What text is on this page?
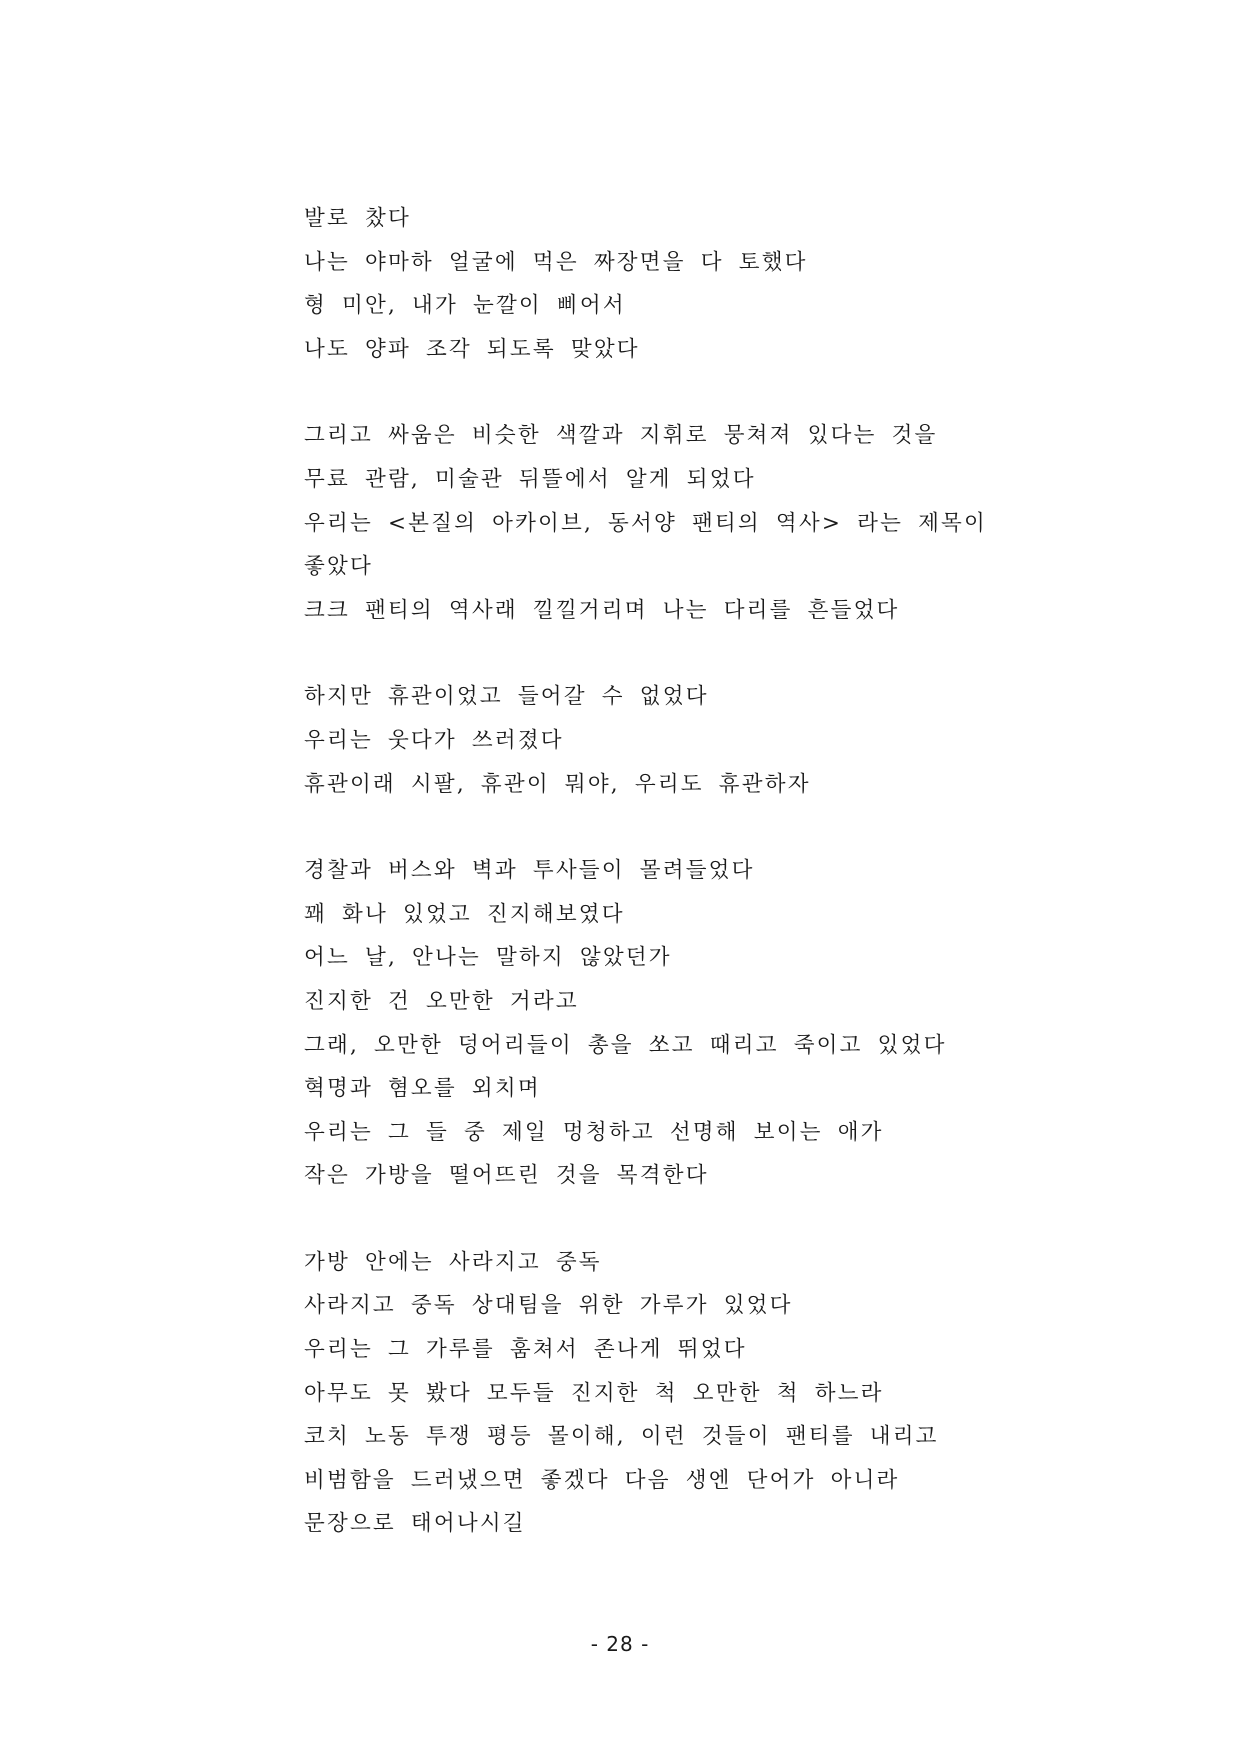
발로 찼다
나는 야마하 얼굴에 먹은 짜장면을 다 토했다
형 미안, 내가 눈깔이 삐어서
나도 양파 조각 되도록 맞았다
그리고 싸움은 비슷한 색깔과 지휘로 뭉쳐져 있다는 것을
무료 관람, 미술관 뒤뜰에서 알게 되었다
우리는 <본질의 아카이브, 동서양 팬티의 역사> 라는 제목이
좋았다
크크 팬티의 역사래 낄낄거리며 나는 다리를 흔들었다
하지만 휴관이었고 들어갈 수 없었다
우리는 웃다가 쓰러졌다
휴관이래 시팔, 휴관이 뭐야, 우리도 휴관하자
경찰과 버스와 벽과 투사들이 몰려들었다
꽤 화나 있었고 진지해보였다
어느 날, 안나는 말하지 않았던가
진지한 건 오만한 거라고
그래, 오만한 덩어리들이 총을 쏘고 때리고 죽이고 있었다
혁명과 혐오를 외치며
우리는 그 들 중 제일 멍청하고 선명해 보이는 애가
작은 가방을 떨어뜨린 것을 목격한다
가방 안에는 사라지고 중독
사라지고 중독 상대팀을 위한 가루가 있었다
우리는 그 가루를 훔쳐서 존나게 뛰었다
아무도 못 봤다 모두들 진지한 척 오만한 척 하느라
코치 노동 투쟁 평등 몰이해, 이런 것들이 팬티를 내리고
비범함을 드러냈으면 좋겠다 다음 생엔 단어가 아니라
문장으로 태어나시길
- 28 -
